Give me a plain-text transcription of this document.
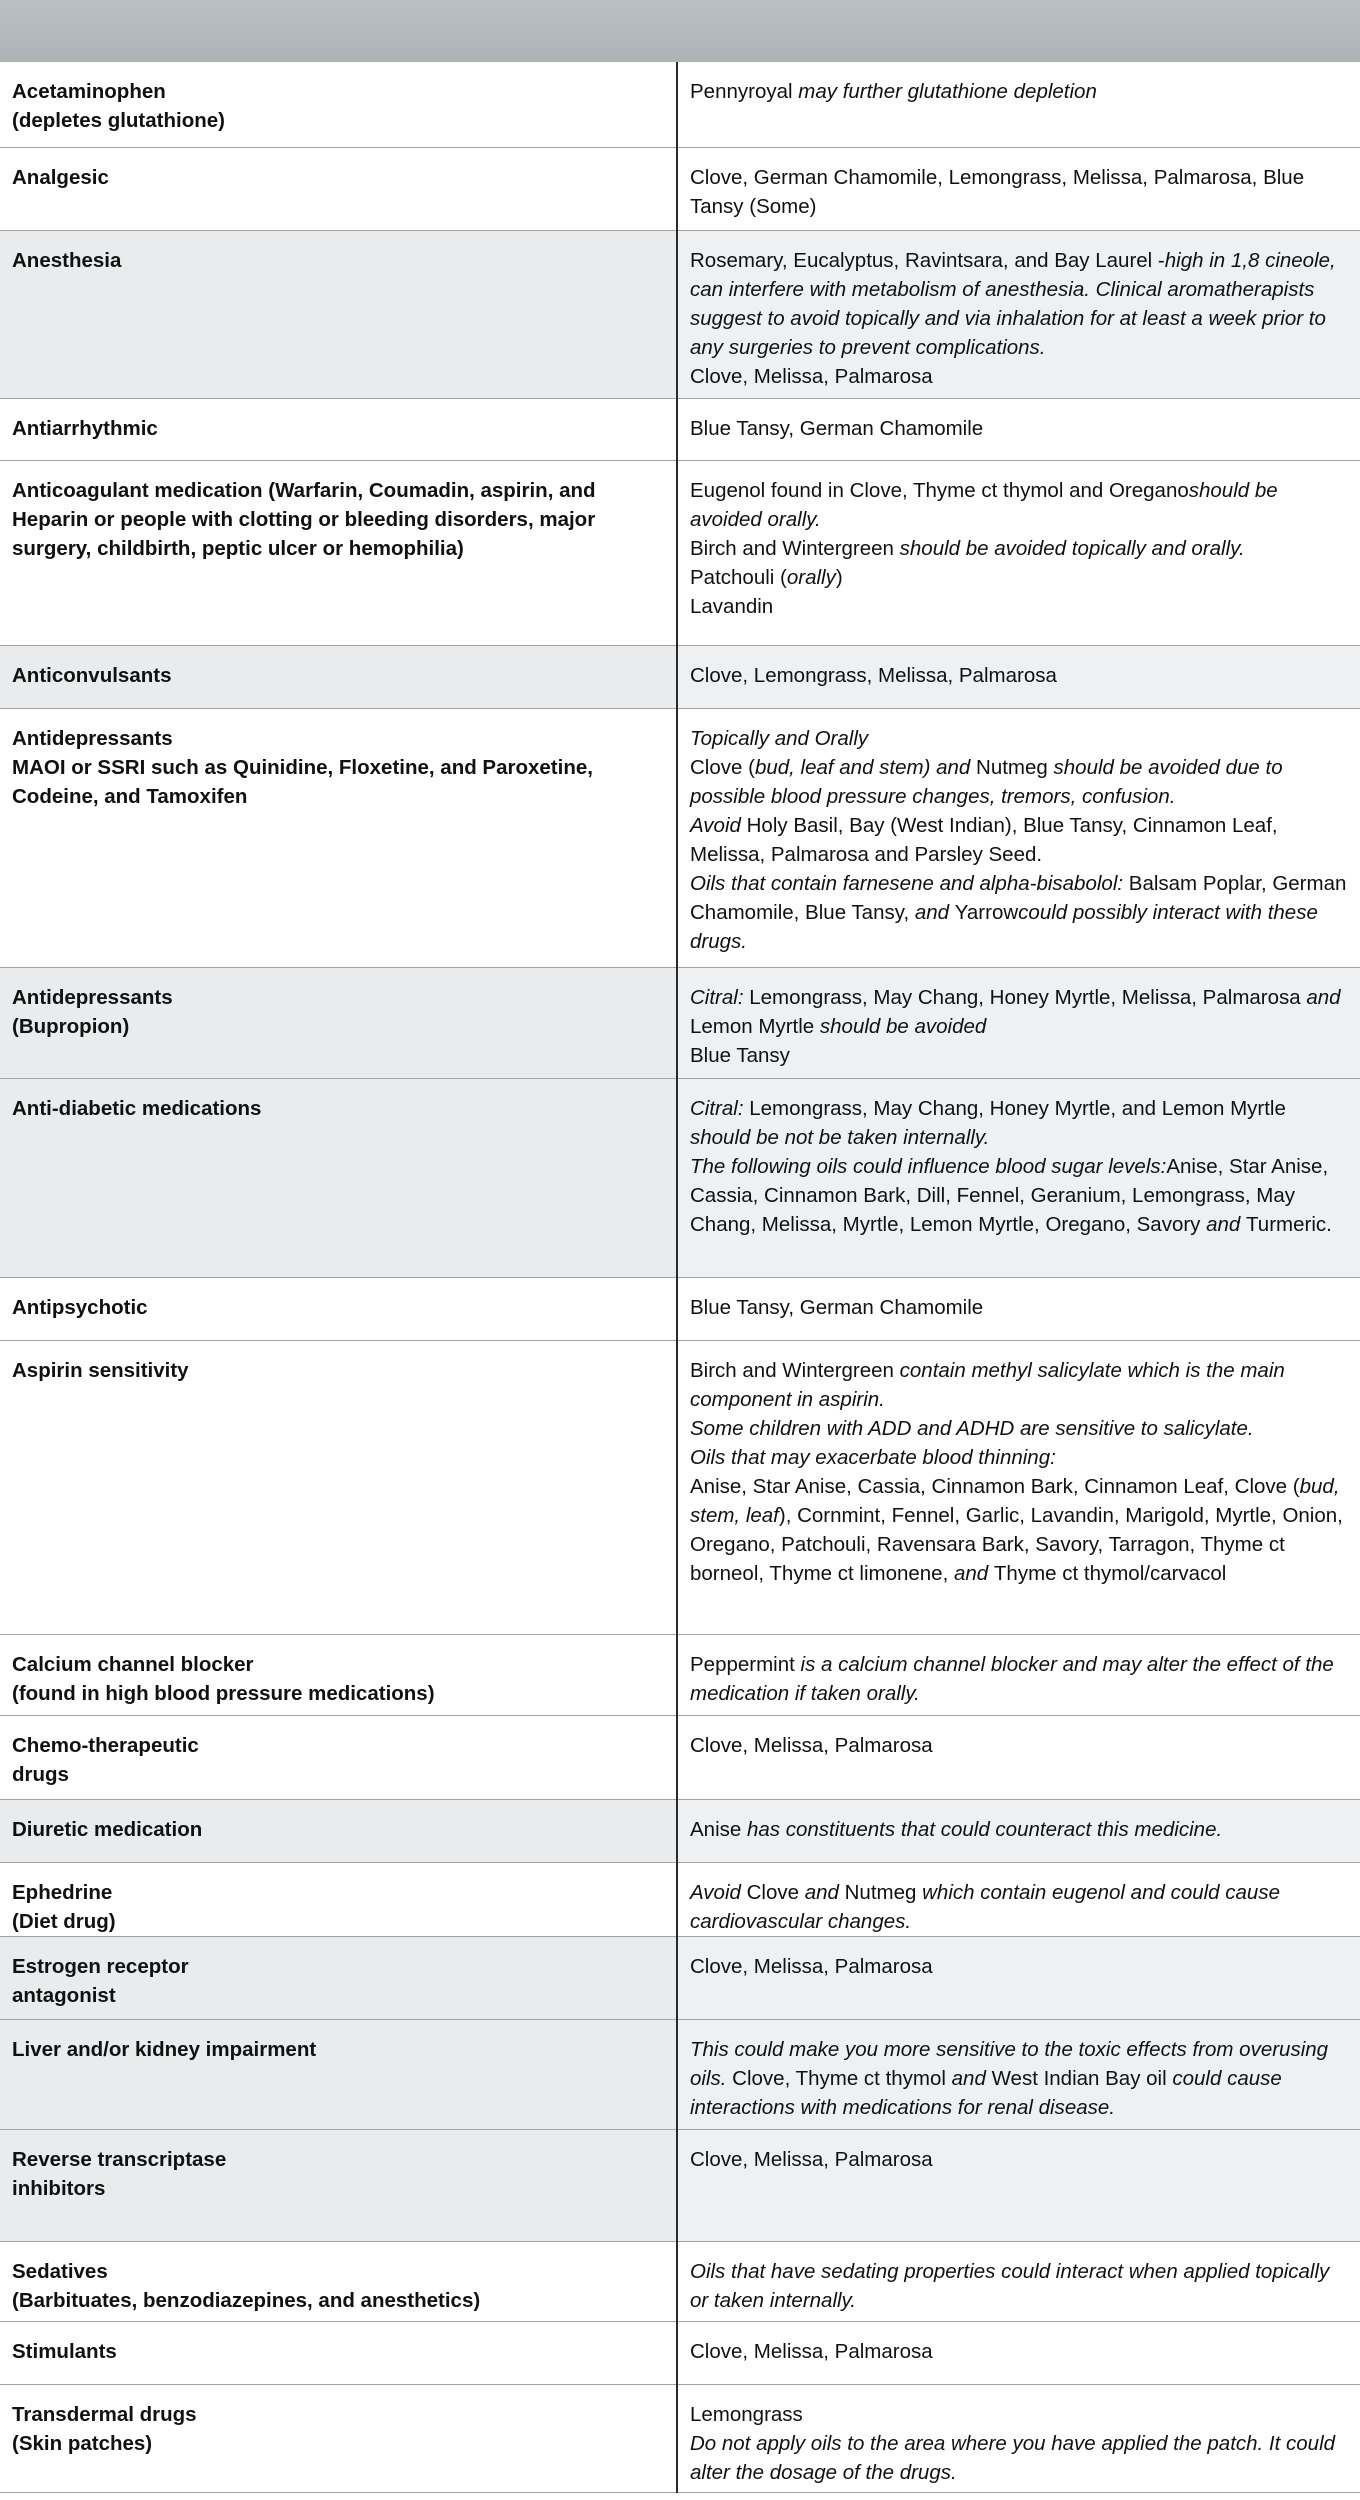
Acetaminophen
(depletes glutathione)	Pennyroyal may further glutathione depletion

Analgesic	Clove, German Chamomile, Lemongrass, Melissa, Palmarosa, Blue Tansy (Some)

Anesthesia	Rosemary, Eucalyptus, Ravintsara, and Bay Laurel -high in 1,8 cineole, can interfere with metabolism of anesthesia. Clinical aromatherapists suggest to avoid topically and via inhalation for at least a week prior to any surgeries to prevent complications.
Clove, Melissa, Palmarosa

Antiarrhythmic	Blue Tansy, German Chamomile

Anticoagulant medication (Warfarin, Coumadin, aspirin, and Heparin or people with clotting or bleeding disorders, major surgery, childbirth, peptic ulcer or hemophilia)	Eugenol found in Clove, Thyme ct thymol and Oreganoshould be avoided orally.
Birch and Wintergreen should be avoided topically and orally.
Patchouli (orally)
Lavandin

Anticonvulsants	Clove, Lemongrass, Melissa, Palmarosa

Antidepressants
MAOI or SSRI such as Quinidine, Floxetine, and Paroxetine, Codeine, and Tamoxifen	Topically and Orally
Clove (bud, leaf and stem) and Nutmeg should be avoided due to possible blood pressure changes, tremors, confusion.
Avoid Holy Basil, Bay (West Indian), Blue Tansy, Cinnamon Leaf, Melissa, Palmarosa and Parsley Seed.
Oils that contain farnesene and alpha-bisabolol: Balsam Poplar, German Chamomile, Blue Tansy, and Yarrowcould possibly interact with these drugs.

Antidepressants
(Bupropion)	Citral: Lemongrass, May Chang, Honey Myrtle, Melissa, Palmarosa and Lemon Myrtle should be avoided
Blue Tansy

Anti-diabetic medications	Citral: Lemongrass, May Chang, Honey Myrtle, and Lemon Myrtle should be not be taken internally.
The following oils could influence blood sugar levels:Anise, Star Anise, Cassia, Cinnamon Bark, Dill, Fennel, Geranium, Lemongrass, May Chang, Melissa, Myrtle, Lemon Myrtle, Oregano, Savory and Turmeric.

Antipsychotic	Blue Tansy, German Chamomile

Aspirin sensitivity	Birch and Wintergreen contain methyl salicylate which is the main component in aspirin.
Some children with ADD and ADHD are sensitive to salicylate.
Oils that may exacerbate blood thinning:
Anise, Star Anise, Cassia, Cinnamon Bark, Cinnamon Leaf, Clove (bud, stem, leaf), Cornmint, Fennel, Garlic, Lavandin, Marigold, Myrtle, Onion, Oregano, Patchouli, Ravensara Bark, Savory, Tarragon, Thyme ct borneol, Thyme ct limonene, and Thyme ct thymol/carvacol

Calcium channel blocker
(found in high blood pressure medications)	Peppermint is a calcium channel blocker and may alter the effect of the medication if taken orally.

Chemo-therapeutic
drugs	Clove, Melissa, Palmarosa

Diuretic medication	Anise has constituents that could counteract this medicine.

Ephedrine
(Diet drug)	Avoid Clove and Nutmeg which contain eugenol and could cause cardiovascular changes.

Estrogen receptor
antagonist	Clove, Melissa, Palmarosa

Liver and/or kidney impairment	This could make you more sensitive to the toxic effects from overusing oils. Clove, Thyme ct thymol and West Indian Bay oil could cause interactions with medications for renal disease.

Reverse transcriptase
inhibitors	Clove, Melissa, Palmarosa

Sedatives
(Barbituates, benzodiazepines, and anesthetics)	Oils that have sedating properties could interact when applied topically or taken internally.

Stimulants	Clove, Melissa, Palmarosa

Transdermal drugs
(Skin patches)	Lemongrass
Do not apply oils to the area where you have applied the patch. It could alter the dosage of the drugs.
